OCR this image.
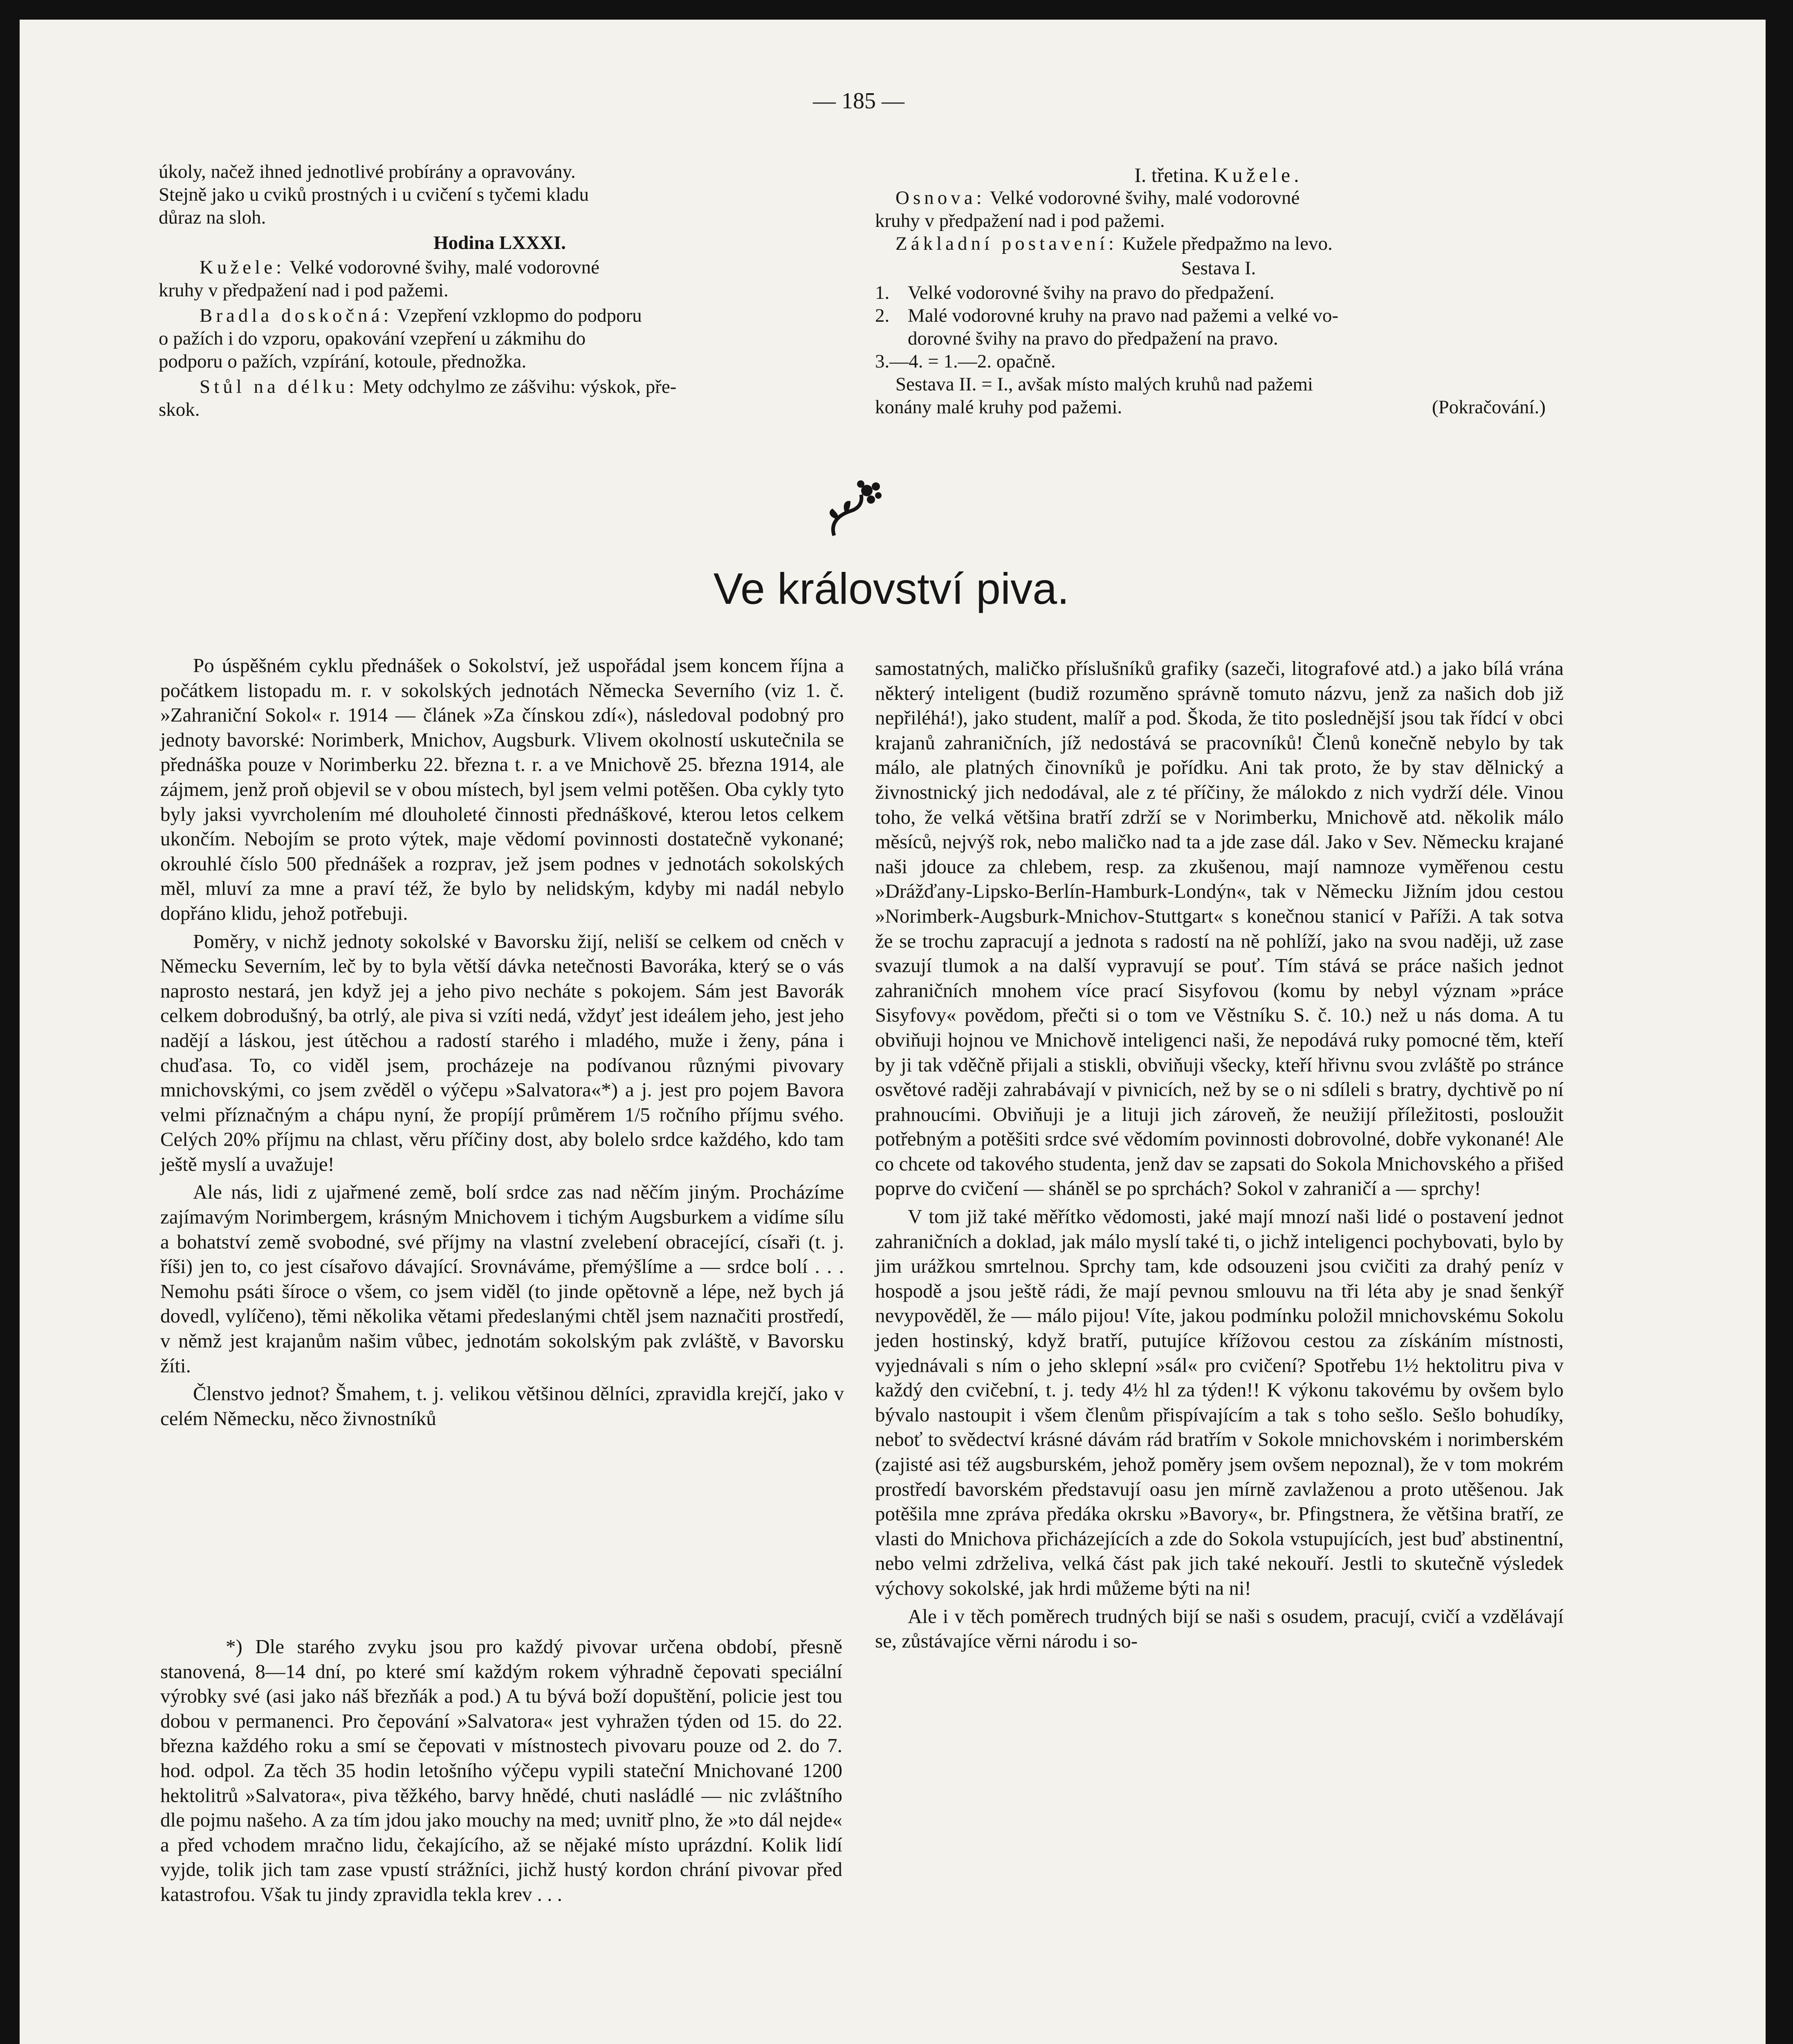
— 185 —
úkoly, načež ihned jednotlivé probírány a opravovány.
Stejně jako u cviků prostných i u cvičení s tyčemi kladu
důraz na sloh.
Hodina LXXXI.
Kužele: Velké vodorovné švihy, malé vodorovné
kruhy v předpažení nad i pod pažemi.
Bradla doskočná: Vzepření vzklopmo do podporu
o pažích i do vzporu, opakování vzepření u zákmihu do
podporu o pažích, vzpírání, kotoule, přednožka.
Stůl na délku: Mety odchylmo ze zášvihu: výskok, pře-
skok.
I. třetina. Kužele.
Osnova: Velké vodorovné švihy, malé vodorovné
kruhy v předpažení nad i pod pažemi.
Základní postavení: Kužele předpažmo na levo.
Sestava I.
1. Velké vodorovné švihy na pravo do předpažení.
2. Malé vodorovné kruhy na pravo nad pažemi a velké vo-
dorovné švihy na pravo do předpažení na pravo.
3.—4. = 1.—2. opačně.
Sestava II. = I., avšak místo malých kruhů nad pažemi
konány malé kruhy pod pažemi.	(Pokračování.)
Ve království piva.

Po úspěšném cyklu přednášek o Sokolství, jež uspořádal jsem koncem října a počátkem listopadu m. r. v sokolských jednotách Německa Severního (viz 1. č. »Zahraniční Sokol« r. 1914 — článek »Za čínskou zdí«), následoval podobný pro jednoty bavorské: Norimberk, Mnichov, Augsburk. Vlivem okolností uskutečnila se přednáška pouze v Norimberku 22. března t. r. a ve Mnichově 25. března 1914, ale zájmem, jenž proň objevil se v obou místech, byl jsem velmi potěšen. Oba cykly tyto byly jaksi vyvrcholením mé dlouholeté činnosti přednáškové, kterou letos celkem ukončím. Nebojím se proto výtek, maje vědomí povinnosti dostatečně vykonané; okrouhlé číslo 500 přednášek a rozprav, jež jsem podnes v jednotách sokolských měl, mluví za mne a praví též, že bylo by nelidským, kdyby mi nadál nebylo dopřáno klidu, jehož potřebuji.

Poměry, v nichž jednoty sokolské v Bavorsku žijí, neliší se celkem od cněch v Německu Severním, leč by to byla větší dávka netečnosti Bavoráka, který se o vás naprosto nestará, jen když jej a jeho pivo necháte s pokojem. Sám jest Bavorák celkem dobrodušný, ba otrlý, ale piva si vzíti nedá, vždyť jest ideálem jeho, jest jeho nadějí a láskou, jest útěchou a radostí starého i mladého, muže i ženy, pána i chuďasa. To, co viděl jsem, procházeje na podívanou různými pivovary mnichovskými, co jsem zvěděl o výčepu »Salvatora«*) a j. jest pro pojem Bavora velmi příznačným a chápu nyní, že propíjí průměrem 1/5 ročního příjmu svého. Celých 20% příjmu na chlast, věru příčiny dost, aby bolelo srdce každého, kdo tam ještě myslí a uvažuje!

Ale nás, lidi z ujařmené země, bolí srdce zas nad něčím jiným. Procházíme zajímavým Norimbergem, krásným Mnichovem i tichým Augsburkem a vidíme sílu a bohatství země svobodné, své příjmy na vlastní zvelebení obracející, císaři (t. j. říši) jen to, co jest císařovo dávající. Srovnáváme, přemýšlíme a — srdce bolí . . . Nemohu psáti šíroce o všem, co jsem viděl (to jinde opětovně a lépe, než bych já dovedl, vylíčeno), těmi několika větami předeslanými chtěl jsem naznačiti prostředí, v němž jest krajanům našim vůbec, jednotám sokolským pak zvláště, v Bavorsku žíti.

Členstvo jednot? Šmahem, t. j. velikou většinou dělníci, zpravidla krejčí, jako v celém Německu, něco živnostníků

*) Dle starého zvyku jsou pro každý pivovar určena období, přesně stanovená, 8—14 dní, po které smí každým rokem výhradně čepovati speciální výrobky své (asi jako náš březňák a pod.) A tu bývá boží dopuštění, policie jest tou dobou v permanenci. Pro čepování »Salvatora« jest vyhražen týden od 15. do 22. března každého roku a smí se čepovati v místnostech pivovaru pouze od 2. do 7. hod. odpol. Za těch 35 hodin letošního výčepu vypili stateční Mnichované 1200 hektolitrů »Salvatora«, piva těžkého, barvy hnědé, chuti nasládlé — nic zvláštního dle pojmu našeho. A za tím jdou jako mouchy na med; uvnitř plno, že »to dál nejde« a před vchodem mračno lidu, čekajícího, až se nějaké místo uprázdní. Kolik lidí vyjde, tolik jich tam zase vpustí strážníci, jichž hustý kordon chrání pivovar před katastrofou. Však tu jindy zpravidla tekla krev . . .

samostatných, maličko příslušníků grafiky (sazeči, litografové atd.) a jako bílá vrána některý inteligent (budiž rozuměno správně tomuto názvu, jenž za našich dob již nepřiléhá!), jako student, malíř a pod. Škoda, že tito poslednější jsou tak řídcí v obci krajanů zahraničních, jíž nedostává se pracovníků! Členů konečně nebylo by tak málo, ale platných činovníků je pořídku. Ani tak proto, že by stav dělnický a živnostnický jich nedodával, ale z té příčiny, že málokdo z nich vydrží déle. Vinou toho, že velká většina bratří zdrží se v Norimberku, Mnichově atd. několik málo měsíců, nejvýš rok, nebo maličko nad ta a jde zase dál. Jako v Sev. Německu krajané naši jdouce za chlebem, resp. za zkušenou, mají namnoze vyměřenou cestu »Drážďany-Lipsko-Berlín-Hamburk-Londýn«, tak v Německu Jižním jdou cestou »Norimberk-Augsburk-Mnichov-Stuttgart« s konečnou stanicí v Paříži. A tak sotva že se trochu zapracují a jednota s radostí na ně pohlíží, jako na svou naději, už zase svazují tlumok a na další vypravují se pouť. Tím stává se práce našich jednot zahraničních mnohem více prací Sisyfovou (komu by nebyl význam »práce Sisyfovy« povědom, přečti si o tom ve Věstníku S. č. 10.) než u nás doma. A tu obviňuji hojnou ve Mnichově inteligenci naši, že nepodává ruky pomocné těm, kteří by ji tak vděčně přijali a stiskli, obviňuji všecky, kteří hřivnu svou zvláště po stránce osvětové raději zahrabávají v pivnicích, než by se o ni sdíleli s bratry, dychtivě po ní prahnoucími. Obviňuji je a lituji jich zároveň, že neužijí příležitosti, posloužit potřebným a potěšiti srdce své vědomím povinnosti dobrovolné, dobře vykonané! Ale co chcete od takového studenta, jenž dav se zapsati do Sokola Mnichovského a přišed poprve do cvičení — sháněl se po sprchách? Sokol v zahraničí a — sprchy!

V tom již také měřítko vědomosti, jaké mají mnozí naši lidé o postavení jednot zahraničních a doklad, jak málo myslí také ti, o jichž inteligenci pochybovati, bylo by jim urážkou smrtelnou. Sprchy tam, kde odsouzeni jsou cvičiti za drahý peníz v hospodě a jsou ještě rádi, že mají pevnou smlouvu na tři léta aby je snad šenkýř nevypověděl, že — málo pijou! Víte, jakou podmínku položil mnichovskému Sokolu jeden hostinský, když bratří, putujíce křížovou cestou za získáním místnosti, vyjednávali s ním o jeho sklepní »sál« pro cvičení? Spotřebu 1½ hektolitru piva v každý den cvičební, t. j. tedy 4½ hl za týden!! K výkonu takovému by ovšem bylo bývalo nastoupit i všem členům přispívajícím a tak s toho sešlo. Sešlo bohudíky, neboť to svědectví krásné dávám rád bratřím v Sokole mnichovském i norimberském (zajisté asi též augsburském, jehož poměry jsem ovšem nepoznal), že v tom mokrém prostředí bavorském představují oasu jen mírně zavlaženou a proto utěšenou. Jak potěšila mne zpráva předáka okrsku »Bavory«, br. Pfingstnera, že většina bratří, ze vlasti do Mnichova přicházejících a zde do Sokola vstupujících, jest buď abstinentní, nebo velmi zdrželiva, velká část pak jich také nekouří. Jestli to skutečně výsledek výchovy sokolské, jak hrdi můžeme býti na ni!

Ale i v těch poměrech trudných bijí se naši s osudem, pracují, cvičí a vzdělávají se, zůstávajíce věrni národu i so-
